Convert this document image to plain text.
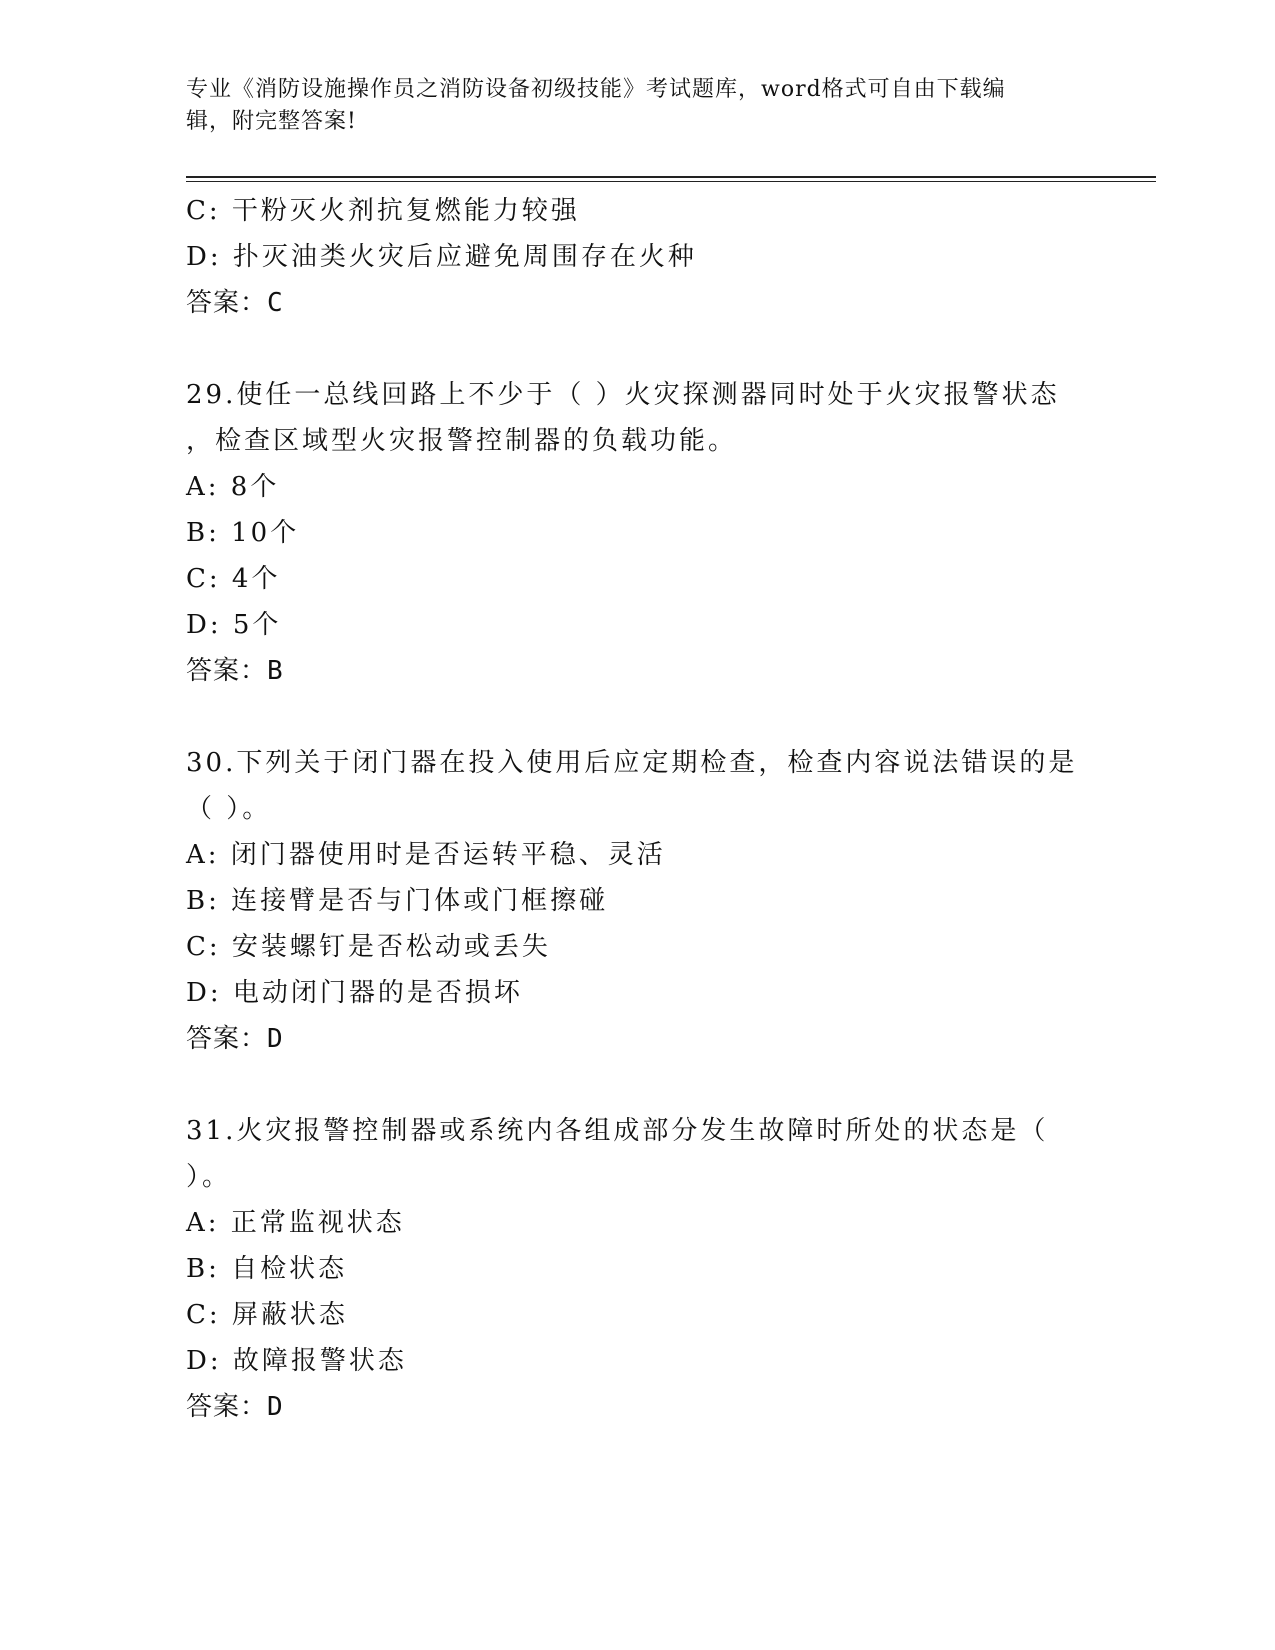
专业《消防设施操作员之消防设备初级技能》考试题库，word格式可自由下载编
辑，附完整答案!
C: 干粉灭火剂抗复燃能力较强
D: 扑灭油类火灾后应避免周围存在火种
答案：C
29.使任一总线回路上不少于（ ）火灾探测器同时处于火灾报警状态
，检查区域型火灾报警控制器的负载功能。
A: 8个
B: 10个
C: 4个
D: 5个
答案：B
30.下列关于闭门器在投入使用后应定期检查，检查内容说法错误的是
（ ）。
A: 闭门器使用时是否运转平稳、灵活
B: 连接臂是否与门体或门框擦碰
C: 安装螺钉是否松动或丢失
D: 电动闭门器的是否损坏
答案：D
31.火灾报警控制器或系统内各组成部分发生故障时所处的状态是（
）。
A: 正常监视状态
B: 自检状态
C: 屏蔽状态
D: 故障报警状态
答案：D
